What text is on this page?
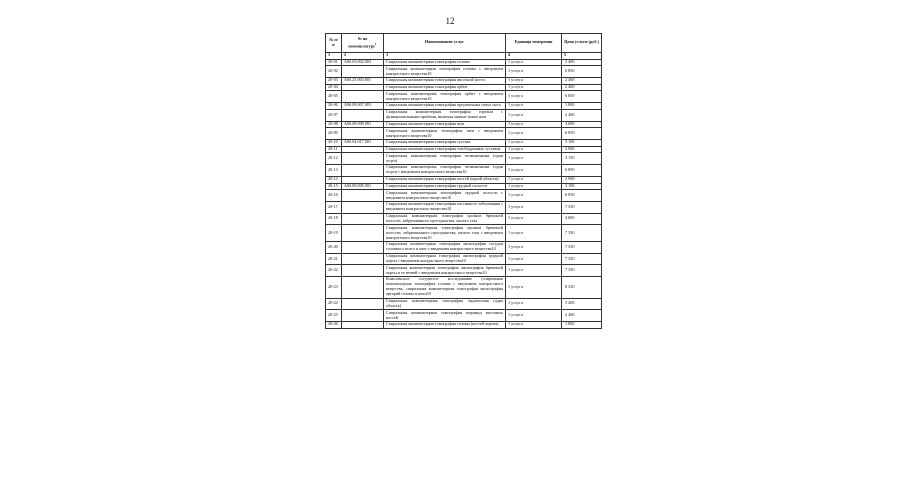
12
№ п/п	№ по номенклатуре$^1$	Наименование услуг	Единица измерения	Цена услуги (руб.)
1	2	3	4	5
20-01	A06.03.002.003	Спиральная компьютерная томография головы	1 услуга	2 400
20-02		Спиральная компьютерная томография головы с введением контрастного вещества10	1 услуга	6 850
20-03	A06.25.003.001	Спиральная компьютерная томография височной кости	1 услуга	2 400
20-04		Спиральная компьютерная томография орбит	1 услуга	2 400
20-05		Спиральная компьютерная томография орбит с введением контрастного вещества10	1 услуга	6 850
20-06	A06.08.007.003	Спиральная компьютерная томография придаточных пазух носа	1 услуга	1 800
20-07		Спиральная компьютерная томография гортани с функциональными пробами, включая мягкие ткани шеи	1 услуга	2 400
20-08	A06.08.009.001	Спиральная компьютерная томография шеи	1 услуга	3 000
20-09		Спиральная компьютерная томография шеи с введением контрастного вещества10	1 услуга	6 850
20-10	A06.04.017.001	Спиральная компьютерная томография сустава	1 услуга	3 100
20-11		Спиральная компьютерная томография тазобедренных суставов	1 услуга	2 900
20-12		Спиральная компьютерная томография позвоночника (один отдел)	1 услуга	3 150
20-13		Спиральная компьютерная томография позвоночника (один отдел) с введением контрастного вещества10	1 услуга	6 850
20-14		Спиральная компьютерная томография костей (одной области)	1 услуга	2 900
20-15	A06.09.005.001	Спиральная компьютерная томография грудной полости	1 услуга	3 100
20-16		Спиральная компьютерная томография грудной полости с введением контрастного вещества10	1 услуга	6 850
20-17		Спиральная компьютерная томография пассивного заболевания с введением контрастного вещества10	1 услуга	7 350
20-18		Спиральная компьютерная томография органов брюшной полости, забрюшинного пространства, малого таза	1 услуга	4 000
20-19		Спиральная компьютерная томография органов брюшной полости, забрюшинного пространства, малого таза с введением контрастного вещества10	1 услуга	7 350
20-20		Спиральная компьютерная томография ангиография сосудов головного мозга и шеи с введением контрастного вещества10	1 услуга	7 350
20-21		Спиральная компьютерная томография ангиография грудной аорты с введением контрастного вещества10	1 услуга	7 350
20-22		Спиральная компьютерная томография ангиография брюшной аорты и ее ветвей с введением контрастного вещества10	1 услуга	7 350
20-23		Комплексное сосудистое исследование (спиральная компьютерная томография головы с введением контрастного вещества, спиральная компьютерная томография ангиография артерий головы и шеи)10	1 услуга	8 350
20-24		Спиральная компьютерная томография эндокосмия (одна область)	1 услуга	5 200
20-25		Спиральная компьютерная томография пирамид височных костей	1 услуга	2 400
20-26		Спиральная компьютерная томография головы (костей черепа)	1 услуга	1 800
